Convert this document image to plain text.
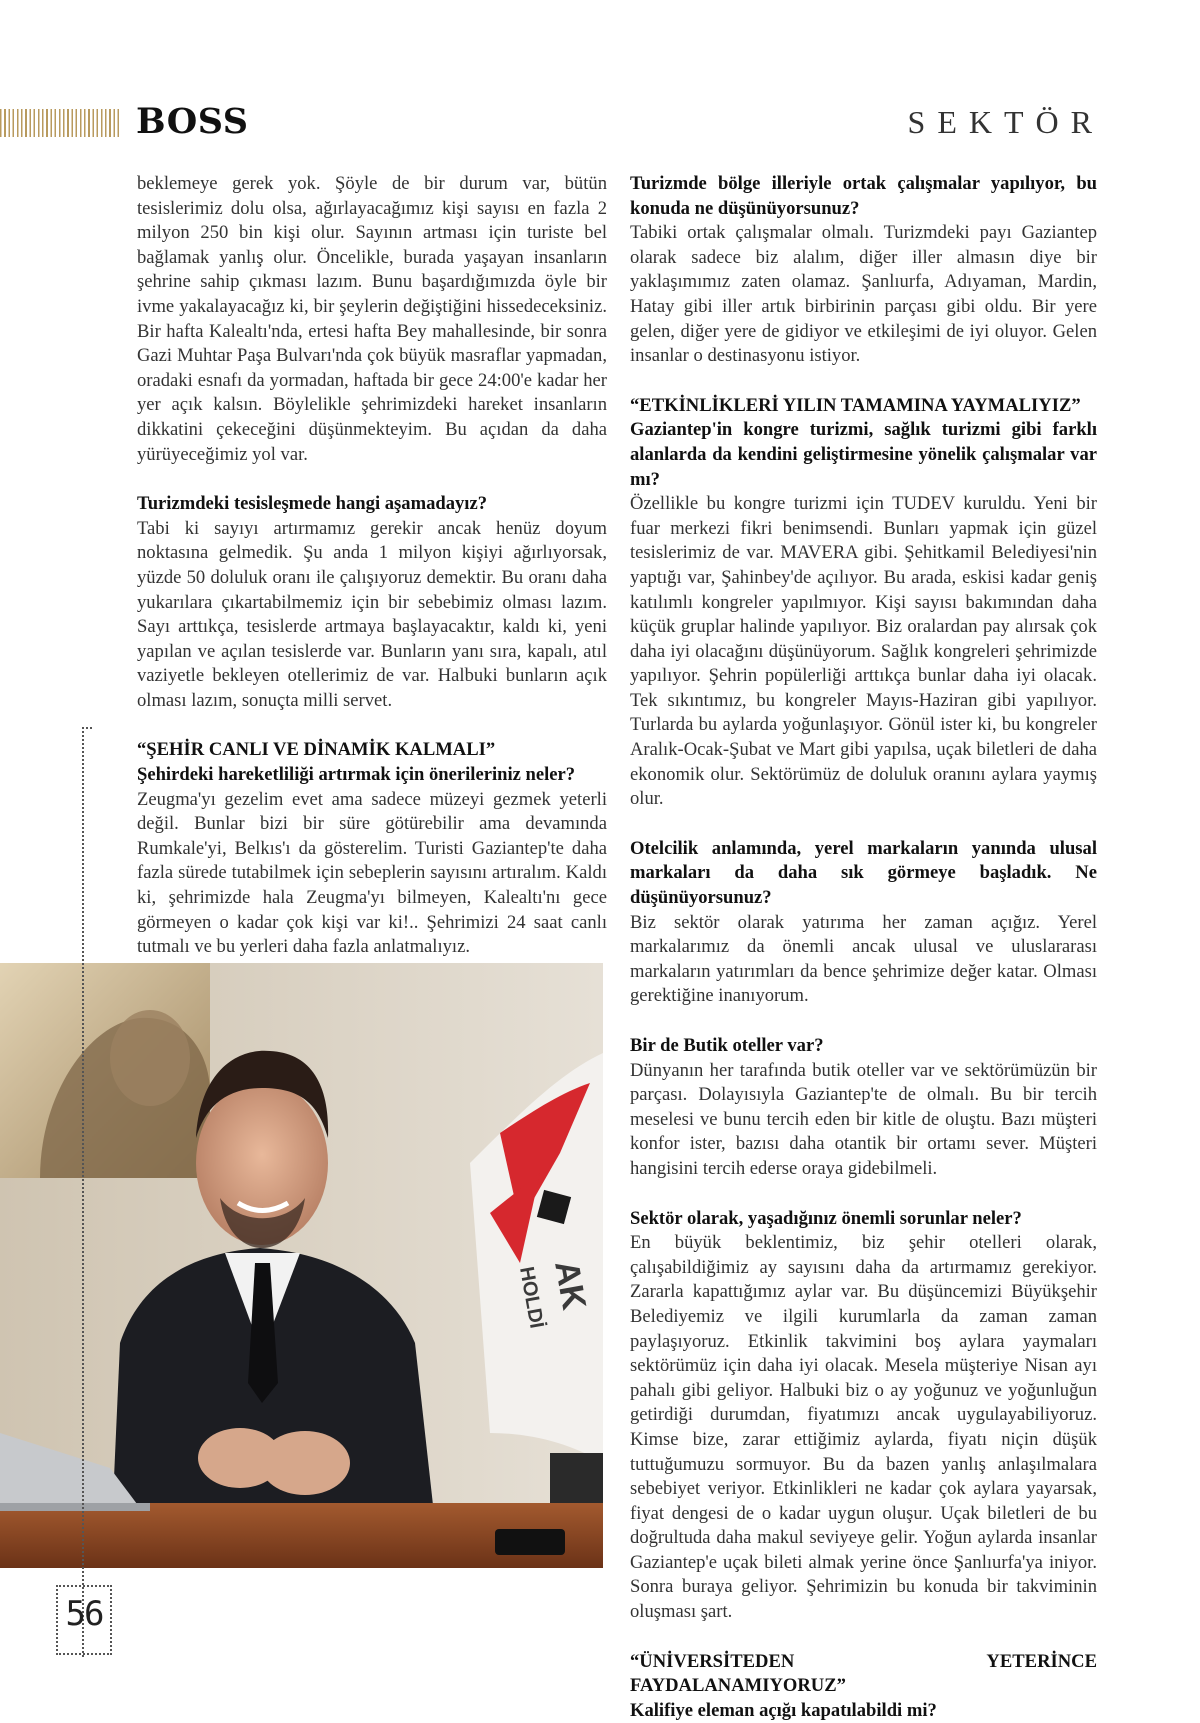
BOSS	SEKTÖR

beklemeye gerek yok. Şöyle de bir durum var, bütün tesislerimiz dolu olsa, ağırlayacağımız kişi sayısı en fazla 2 milyon 250 bin kişi olur. Sayının artması için turiste bel bağlamak yanlış olur. Öncelikle, burada yaşayan insanların şehrine sahip çıkması lazım. Bunu başardığımızda öyle bir ivme yakalayacağız ki, bir şeylerin değiştiğini hissedeceksiniz. Bir hafta Kalealtı'nda, ertesi hafta Bey mahallesinde, bir sonra Gazi Muhtar Paşa Bulvarı'nda çok büyük masraflar yapmadan, oradaki esnafı da yormadan, haftada bir gece 24:00'e kadar her yer açık kalsın. Böylelikle şehrimizdeki hareket insanların dikkatini çekeceğini düşünmekteyim. Bu açıdan da daha yürüyeceğimiz yol var.

Turizmdeki tesisleşmede hangi aşamadayız?

Tabi ki sayıyı artırmamız gerekir ancak henüz doyum noktasına gelmedik. Şu anda 1 milyon kişiyi ağırlıyorsak, yüzde 50 doluluk oranı ile çalışıyoruz demektir. Bu oranı daha yukarılara çıkartabilmemiz için bir sebebimiz olması lazım. Sayı arttıkça, tesislerde artmaya başlayacaktır, kaldı ki, yeni yapılan ve açılan tesislerde var. Bunların yanı sıra, kapalı, atıl vaziyetle bekleyen otellerimiz de var. Halbuki bunların açık olması lazım, sonuçta milli servet.

“ŞEHİR CANLI VE DİNAMİK KALMALI”

Şehirdeki hareketliliği artırmak için önerileriniz neler?

Zeugma'yı gezelim evet ama sadece müzeyi gezmek yeterli değil. Bunlar bizi bir süre götürebilir ama devamında Rumkale'yi, Belkıs'ı da gösterelim. Turisti Gaziantep'te daha fazla sürede tutabilmek için sebeplerin sayısını artıralım. Kaldı ki, şehrimizde hala Zeugma'yı bilmeyen, Kalealtı'nı gece görmeyen o kadar çok kişi var ki!.. Şehrimizi 24 saat canlı tutmalı ve bu yerleri daha fazla anlatmalıyız.

Turizmde bölge illeriyle ortak çalışmalar yapılıyor, bu konuda ne düşünüyorsunuz?

Tabiki ortak çalışmalar olmalı. Turizmdeki payı Gaziantep olarak sadece biz alalım, diğer iller almasın diye bir yaklaşımımız zaten olamaz. Şanlıurfa, Adıyaman, Mardin, Hatay gibi iller artık birbirinin parçası gibi oldu. Bir yere gelen, diğer yere de gidiyor ve etkileşimi de iyi oluyor. Gelen insanlar o destinasyonu istiyor.

“ETKİNLİKLERİ YILIN TAMAMINA YAYMALIYIZ”

Gaziantep'in kongre turizmi, sağlık turizmi gibi farklı alanlarda da kendini geliştirmesine yönelik çalışmalar var mı?

Özellikle bu kongre turizmi için TUDEV kuruldu. Yeni bir fuar merkezi fikri benimsendi. Bunları yapmak için güzel tesislerimiz de var. MAVERA gibi. Şehitkamil Belediyesi'nin yaptığı var, Şahinbey'de açılıyor. Bu arada, eskisi kadar geniş katılımlı kongreler yapılmıyor. Kişi sayısı bakımından daha küçük gruplar halinde yapılıyor. Biz oralardan pay alırsak çok daha iyi olacağını düşünüyorum. Sağlık kongreleri şehrimizde yapılıyor. Şehrin popülerliği arttıkça bunlar daha iyi olacak. Tek sıkıntımız, bu kongreler Mayıs-Haziran gibi yapılıyor. Turlarda bu aylarda yoğunlaşıyor. Gönül ister ki, bu kongreler Aralık-Ocak-Şubat ve Mart gibi yapılsa, uçak biletleri de daha ekonomik olur. Sektörümüz de doluluk oranını aylara yaymış olur.

Otelcilik anlamında, yerel markaların yanında ulusal markaları da daha sık görmeye başladık. Ne düşünüyorsunuz?

Biz sektör olarak yatırıma her zaman açığız. Yerel markalarımız da önemli ancak ulusal ve uluslararası markaların yatırımları da bence şehrimize değer katar. Olması gerektiğine inanıyorum.

Bir de Butik oteller var?

Dünyanın her tarafında butik oteller var ve sektörümüzün bir parçası. Dolayısıyla Gaziantep'te de olmalı. Bu bir tercih meselesi ve bunu tercih eden bir kitle de oluştu. Bazı müşteri konfor ister, bazısı daha otantik bir ortamı sever. Müşteri hangisini tercih ederse oraya gidebilmeli.

Sektör olarak, yaşadığınız önemli sorunlar neler?

En büyük beklentimiz, biz şehir otelleri olarak, çalışabildiğimiz ay sayısını daha da artırmamız gerekiyor. Zararla kapattığımız aylar var. Bu düşüncemizi Büyükşehir Belediyemiz ve ilgili kurumlarla da zaman zaman paylaşıyoruz. Etkinlik takvimini boş aylara yaymaları sektörümüz için daha iyi olacak. Mesela müşteriye Nisan ayı pahalı gibi geliyor. Halbuki biz o ay yoğunuz ve yoğunluğun getirdiği durumdan, fiyatımızı ancak uygulayabiliyoruz. Kimse bize, zarar ettiğimiz aylarda, fiyatı niçin düşük tuttuğumuzu sormuyor. Bu da bazen yanlış anlaşılmalara sebebiyet veriyor. Etkinlikleri ne kadar çok aylara yayarsak, fiyat dengesi de o kadar uygun oluşur. Uçak biletleri de bu doğrultuda daha makul seviyeye gelir. Yoğun aylarda insanlar Gaziantep'e uçak bileti almak yerine önce Şanlıurfa'ya iniyor. Sonra buraya geliyor. Şehrimizin bu konuda bir takviminin oluşması şart.

“ÜNİVERSİTEDEN YETERİNCE FAYDALANAMIYORUZ”

Kalifiye eleman açığı kapatılabildi mi?

AK
HOLDİ
56
